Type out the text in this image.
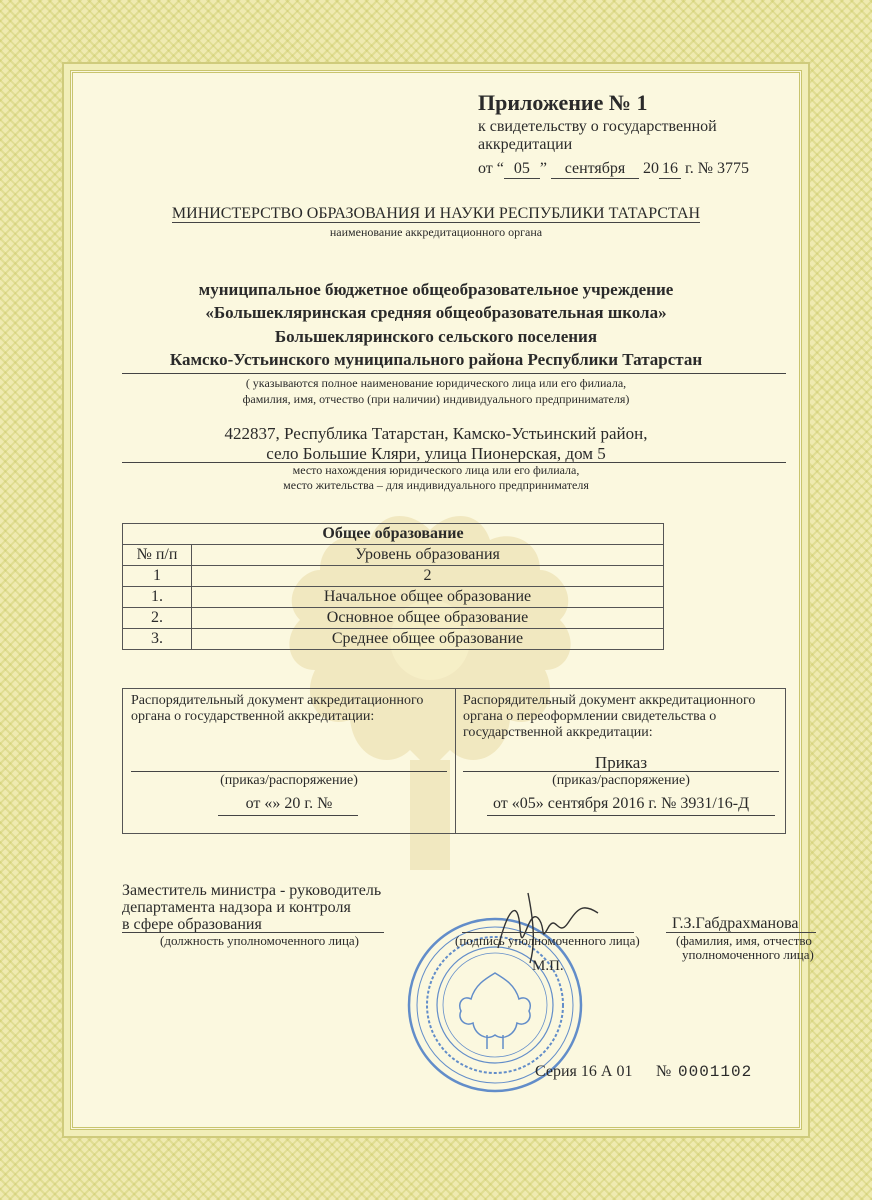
Приложение № 1
к свидетельству о государственной
аккредитации
от “ 05 ” сентября 20 16 г. № 3775
МИНИСТЕРСТВО ОБРАЗОВАНИЯ И НАУКИ РЕСПУБЛИКИ ТАТАРСТАН
наименование аккредитационного органа
муниципальное бюджетное общеобразовательное учреждение
«Большекляринская средняя общеобразовательная школа»
Большекляринского сельского поселения
Камско-Устьинского муниципального района Республики Татарстан
( указываются полное наименование юридического лица или его филиала,
фамилия, имя, отчество (при наличии) индивидуального предпринимателя)
422837, Республика Татарстан, Камско-Устьинский район,
село Большие Кляри, улица Пионерская, дом 5
место нахождения юридического лица или его филиала,
место жительства – для индивидуального предпринимателя
Общее образование	
№ п/п	Уровень образования
1	2
1.	Начальное общее образование
2.	Основное общее образование
3.	Среднее общее образование
Распорядительный документ аккредитационного
органа о государственной аккредитации:
(приказ/распоряжение)
от «» 20 г. №
Распорядительный документ аккредитационного
органа о переоформлении свидетельства о
государственной аккредитации:
Приказ
(приказ/распоряжение)
от «05» сентября 2016 г. № 3931/16-Д
Заместитель министра - руководитель
департамента надзора и контроля
в сфере образования
(должность уполномоченного лица)	(подпись уполномоченного лица)
Г.З.Габдрахманова
(фамилия, имя, отчество
уполномоченного лица)
М.П.
Серия 16 А 01 № 0001102
